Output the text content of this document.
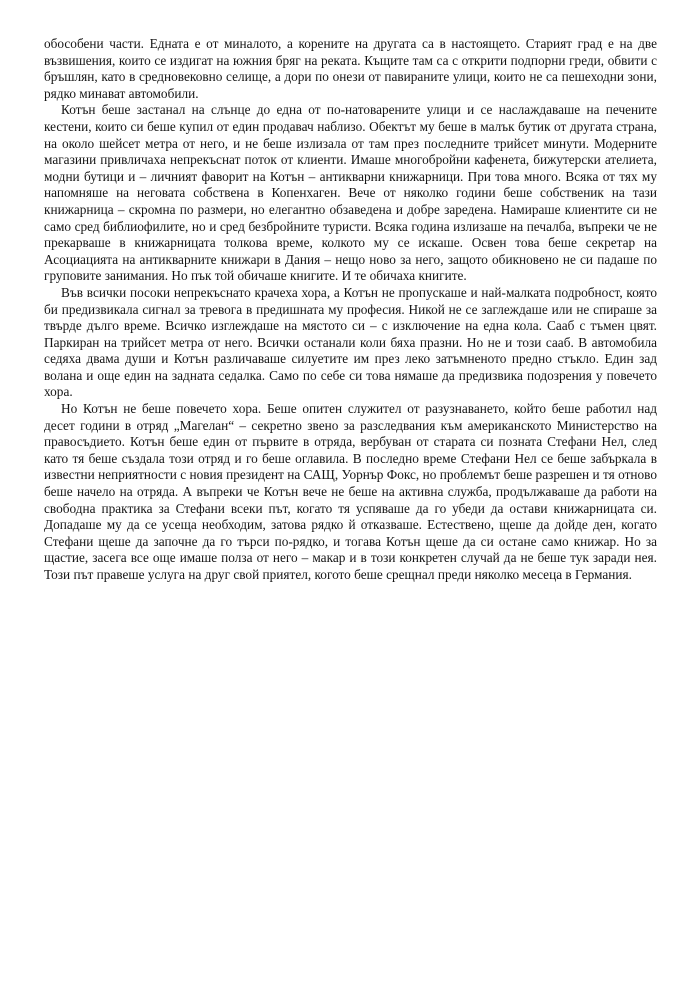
обособени части. Едната е от миналото, а корените на другата са в настоящето. Старият град е на две възвишения, които се издигат на южния бряг на реката. Къщите там са с открити подпорни греди, обвити с бръшлян, като в средновековно селище, а дори по онези от павираните улици, които не са пешеходни зони, рядко минават автомобили.

Котън беше застанал на слънце до една от по-натоварените улици и се наслаждаваше на печените кестени, които си беше купил от един продавач наблизо. Обектът му беше в малък бутик от другата страна, на около шейсет метра от него, и не беше излизала от там през последните трийсет минути. Модерните магазини привличаха непрекъснат поток от клиенти. Имаше многобройни кафенета, бижутерски ателиета, модни бутици и – личният фаворит на Котън – антикварни книжарници. При това много. Всяка от тях му напомняше на неговата собствена в Копенхаген. Вече от няколко години беше собственик на тази книжарница – скромна по размери, но елегантно обзаведена и добре заредена. Намираше клиентите си не само сред библиофилите, но и сред безбройните туристи. Всяка година излизаше на печалба, въпреки че не прекарваше в книжарницата толкова време, колкото му се искаше. Освен това беше секретар на Асоциацията на антикварните книжари в Дания – нещо ново за него, защото обикновено не си падаше по груповите занимания. Но пък той обичаше книгите. И те обичаха книгите.

Във всички посоки непрекъснато крачеха хора, а Котън не пропускаше и най-малката подробност, която би предизвикала сигнал за тревога в предишната му професия. Никой не се заглеждаше или не спираше за твърде дълго време. Всичко изглеждаше на мястото си – с изключение на една кола. Сааб с тъмен цвят. Паркиран на трийсет метра от него. Всички останали коли бяха празни. Но не и този сааб. В автомобила седяха двама души и Котън различаваше силуетите им през леко затъмненото предно стъкло. Един зад волана и още един на задната седалка. Само по себе си това нямаше да предизвика подозрения у повечето хора.

Но Котън не беше повечето хора. Беше опитен служител от разузнаването, който беше работил над десет години в отряд „Магелан“ – секретно звено за разследвания към американското Министерство на правосъдието. Котън беше един от първите в отряда, вербуван от старата си позната Стефани Нел, след като тя беше създала този отряд и го беше оглавила. В последно време Стефани Нел се беше забъркала в известни неприятности с новия президент на САЩ, Уорнър Фокс, но проблемът беше разрешен и тя отново беше начело на отряда. А въпреки че Котън вече не беше на активна служба, продължаваше да работи на свободна практика за Стефани всеки път, когато тя успяваше да го убеди да остави книжарницата си. Допадаше му да се усеща необходим, затова рядко й отказваше. Естествено, щеше да дойде ден, когато Стефани щеше да започне да го търси по-рядко, и тогава Котън щеше да си остане само книжар. Но за щастие, засега все още имаше полза от него – макар и в този конкретен случай да не беше тук заради нея. Този път правеше услуга на друг свой приятел, когото беше срещнал преди няколко месеца в Германия.
